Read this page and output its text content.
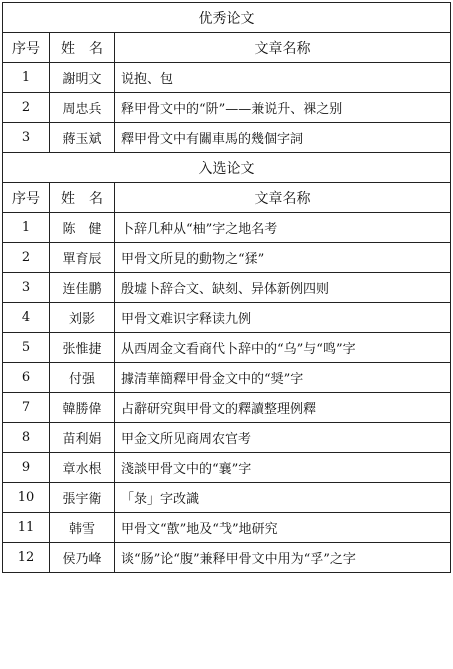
优秀论文		
序号	姓　名	文章名称
1	謝明文	说抱、包
2	周忠兵	释甲骨文中的“阩”——兼说升、祼之别
3	蔣玉斌	釋甲骨文中有關車馬的幾個字詞
入选论文		
序号	姓　名	文章名称
1	陈　健	卜辞几种从“柚”字之地名考
2	單育辰	甲骨文所見的動物之“猱”
3	连佳鹏	殷墟卜辞合文、缺刻、异体新例四则
4	刘影	甲骨文难识字释读九例
5	张惟捷	从西周金文看商代卜辞中的“乌”与“鸣”字
6	付强	據清華簡釋甲骨金文中的“奨”字
7	韓勝偉	占辭研究與甲骨文的釋讀整理例釋
8	苗利娟	甲金文所见商周农官考
9	章水根	淺談甲骨文中的“襄”字
10	張宇衛	「彔」字改識
11	韩雪	甲骨文“歖”地及“𢦏”地研究
12	侯乃峰	谈“肠”论“腹”兼释甲骨文中用为“孚”之字
